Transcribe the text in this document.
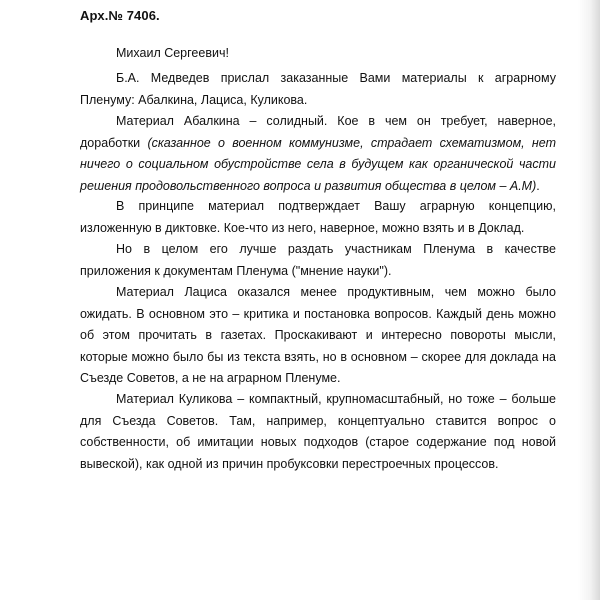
Арх.№ 7406.
Михаил Сергеевич!

Б.А. Медведев прислал заказанные Вами материалы к аграрному Пленуму: Абалкина, Лациса, Куликова.

Материал Абалкина – солидный. Кое в чем он требует, наверное, доработки (сказанное о военном коммунизме, страдает схематизмом, нет ничего о социальном обустройстве села в будущем как органической части решения продовольственного вопроса и развития общества в целом – А.М).

В принципе материал подтверждает Вашу аграрную концепцию, изложенную в диктовке. Кое-что из него, наверное, можно взять и в Доклад.

Но в целом его лучше раздать участникам Пленума в качестве приложения к документам Пленума ("мнение науки").

Материал Лациса оказался менее продуктивным, чем можно было ожидать. В основном это – критика и постановка вопросов. Каждый день можно об этом прочитать в газетах. Проскакивают и интересно повороты мысли, которые можно было бы из текста взять, но в основном – скорее для доклада на Съезде Советов, а не на аграрном Пленуме.

Материал Куликова – компактный, крупномасштабный, но тоже – больше для Съезда Советов. Там, например, концептуально ставится вопрос о собственности, об имитации новых подходов (старое содержание под новой вывеской), как одной из причин пробуксовки перестроечных процессов.
